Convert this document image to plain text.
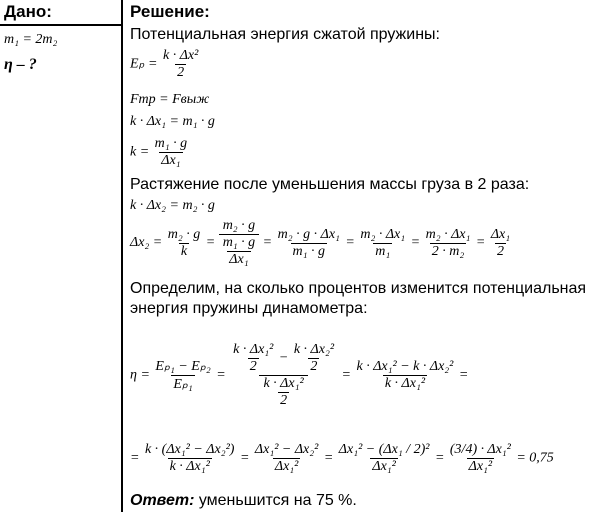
Дано:
m₁ = 2m₂
η – ?
Решение:
Потенциальная энергия сжатой пружины:
$E_p = \frac{\text{k · Δx²}}{2}$
Fтр = Fвыж
k · Δx₁ = m₁ · g
$k = \frac{\text{m₁ · g}}{\text{Δx₁}}$
Растяжение после уменьшения массы груза в 2 раза:
k · Δx₂ = m₂ · g
$\Delta x_2 = \frac{\text{m₂ · g}}{k} = \frac{\text{m₂ · g}}{\frac{\text{m₁ · g}}{\text{Δx₁}}} = \frac{\text{m₂ · g · Δx₁}}{\text{m₁ · g}} = \frac{\text{m₂ · Δx₁}}{\text{m₁}} = \frac{\text{m₂ · Δx₁}}{\text{2 · m₂}} = \frac{\text{Δx₁}}{2}$
Определим, на сколько процентов изменится потенциальная
энергия пружины динамометра:
$\eta = \frac{\text{Eₚ₁ − Eₚ₂}}{\text{Eₚ₁}} = \frac{\frac{\text{k · Δx₁²}}{2} - \frac{\text{k · Δx₂²}}{2}}{\frac{\text{k · Δx₁²}}{2}} = \frac{\text{k · Δx₁² − k · Δx₂²}}{\text{k · Δx₁²}}$ =
= $\frac{\text{k · (Δx₁² − Δx₂²)}}{\text{k · Δx₁²}} = \frac{\text{Δx₁² − Δx₂²}}{\text{Δx₁²}} = \frac{\text{Δx₁² − (Δx₁ / 2)²}}{\text{Δx₁²}} = \frac{\text{(3/4) · Δx₁²}}{\text{Δx₁²}} = 0,75$
Ответ: уменьшится на 75 %.
